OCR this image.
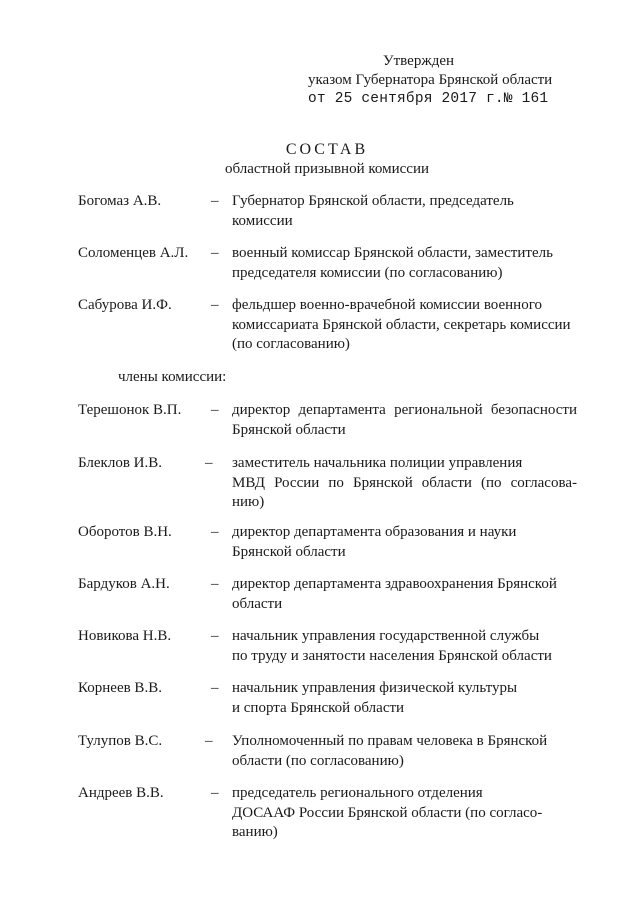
Утвержден
указом Губернатора Брянской области
от 25 сентября 2017 г.№ 161
СОСТАВ
областной призывной комиссии
Богомаз А.В.	– Губернатор Брянской области, председатель
комиссии
Соломенцев А.Л. – военный комиссар Брянской области, заместитель
председателя комиссии (по согласованию)
Сабурова И.Ф.	– фельдшер военно-врачебной комиссии военного
комиссариата Брянской области, секретарь комиссии
(по согласованию)
члены комиссии:
Терешонок В.П. – директор департамента региональной безопасности
Брянской области
Блеклов И.В.	– заместитель начальника полиции управления
МВД России по Брянской области (по согласова-
нию)
Оборотов В.Н.	– директор департамента образования и науки
Брянской области
Бардуков А.Н.	– директор департамента здравоохранения Брянской
области
Новикова Н.В.	– начальник управления государственной службы
по труду и занятости населения Брянской области
Корнеев В.В.	– начальник управления физической культуры
и спорта Брянской области
Тулупов В.С.	– Уполномоченный по правам человека в Брянской
области (по согласованию)
Андреев В.В.	– председатель регионального отделения
ДОСААФ России Брянской области (по согласо-
ванию)
